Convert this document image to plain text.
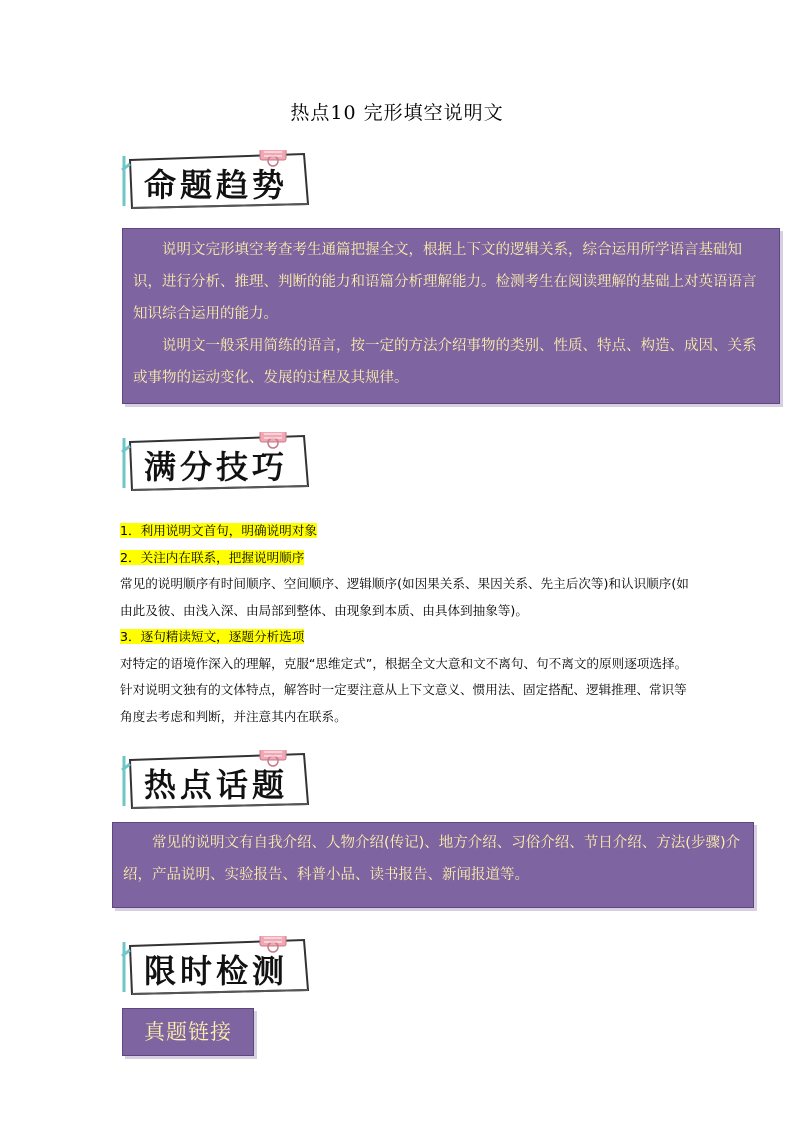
热点10 完形填空说明文
命题趋势

说明文完形填空考查考生通篇把握全文，根据上下文的逻辑关系，综合运用所学语言基础知识，进行分析、推理、判断的能力和语篇分析理解能力。检测考生在阅读理解的基础上对英语语言知识综合运用的能力。

说明文一般采用简练的语言，按一定的方法介绍事物的类别、性质、特点、构造、成因、关系或事物的运动变化、发展的过程及其规律。

满分技巧

1．利用说明文首句，明确说明对象

2．关注内在联系，把握说明顺序

常见的说明顺序有时间顺序、空间顺序、逻辑顺序(如因果关系、果因关系、先主后次等)和认识顺序(如由此及彼、由浅入深、由局部到整体、由现象到本质、由具体到抽象等)。

3．逐句精读短文，逐题分析选项

对特定的语境作深入的理解，克服“思维定式”，根据全文大意和文不离句、句不离文的原则逐项选择。针对说明文独有的文体特点，解答时一定要注意从上下文意义、惯用法、固定搭配、逻辑推理、常识等角度去考虑和判断，并注意其内在联系。

热点话题

常见的说明文有自我介绍、人物介绍(传记)、地方介绍、习俗介绍、节日介绍、方法(步骤)介绍，产品说明、实验报告、科普小品、读书报告、新闻报道等。

限时检测
真题链接
